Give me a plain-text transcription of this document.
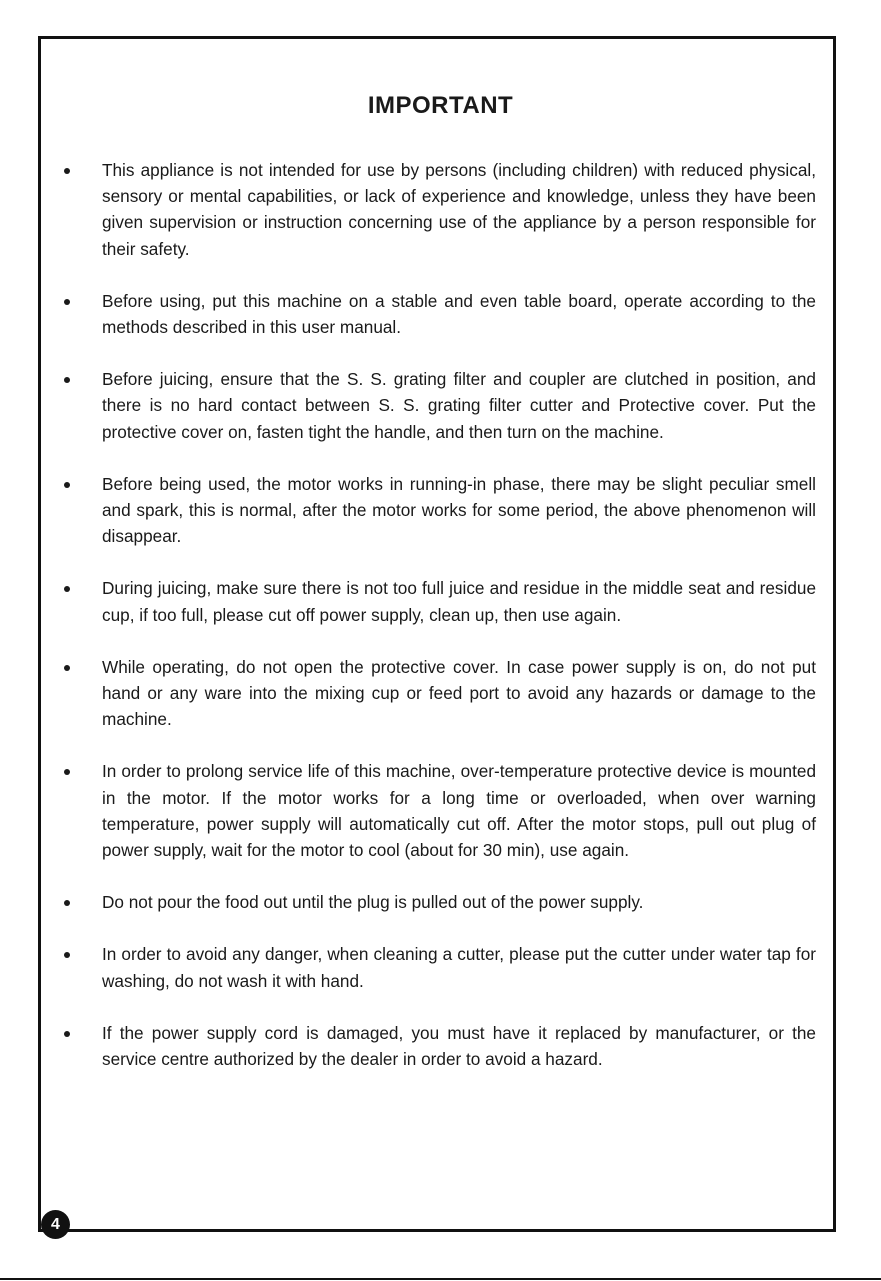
IMPORTANT
This appliance is not intended for use by persons (including children) with reduced physical, sensory or mental capabilities, or lack of experience and knowledge, unless they have been given supervision or instruction concerning use of the appliance by a person responsible for their safety.
Before using, put this machine on a stable and even table board, operate according to the methods described in this user manual.
Before juicing, ensure that the S. S. grating filter and coupler are clutched in position, and there is no hard contact between S. S. grating filter cutter and Protective cover. Put the protective cover on, fasten tight the handle, and then turn on the machine.
Before being used, the motor works in running-in phase, there may be slight peculiar smell and spark, this is normal, after the motor works for some period, the above phenomenon will disappear.
During juicing, make sure there is not too full juice and residue in the middle seat and residue cup, if too full, please cut off power supply, clean up, then use again.
While operating, do not open the protective cover. In case power supply is on, do not put hand or any ware into the mixing cup or feed port to avoid any hazards or damage to the machine.
In order to prolong service life of this machine, over-temperature protective device is mounted in the motor. If the motor works for a long time or overloaded, when over warning temperature, power supply will automatically cut off. After the motor stops, pull out plug of power supply, wait for the motor to cool (about for 30 min), use again.
Do not pour the food out until the plug is pulled out of the power supply.
In order to avoid any danger, when cleaning a cutter, please put the cutter under water tap for washing, do not wash it with hand.
If the power supply cord is damaged, you must have it replaced by manufacturer, or the service centre authorized by the dealer in order to avoid a hazard.
4
